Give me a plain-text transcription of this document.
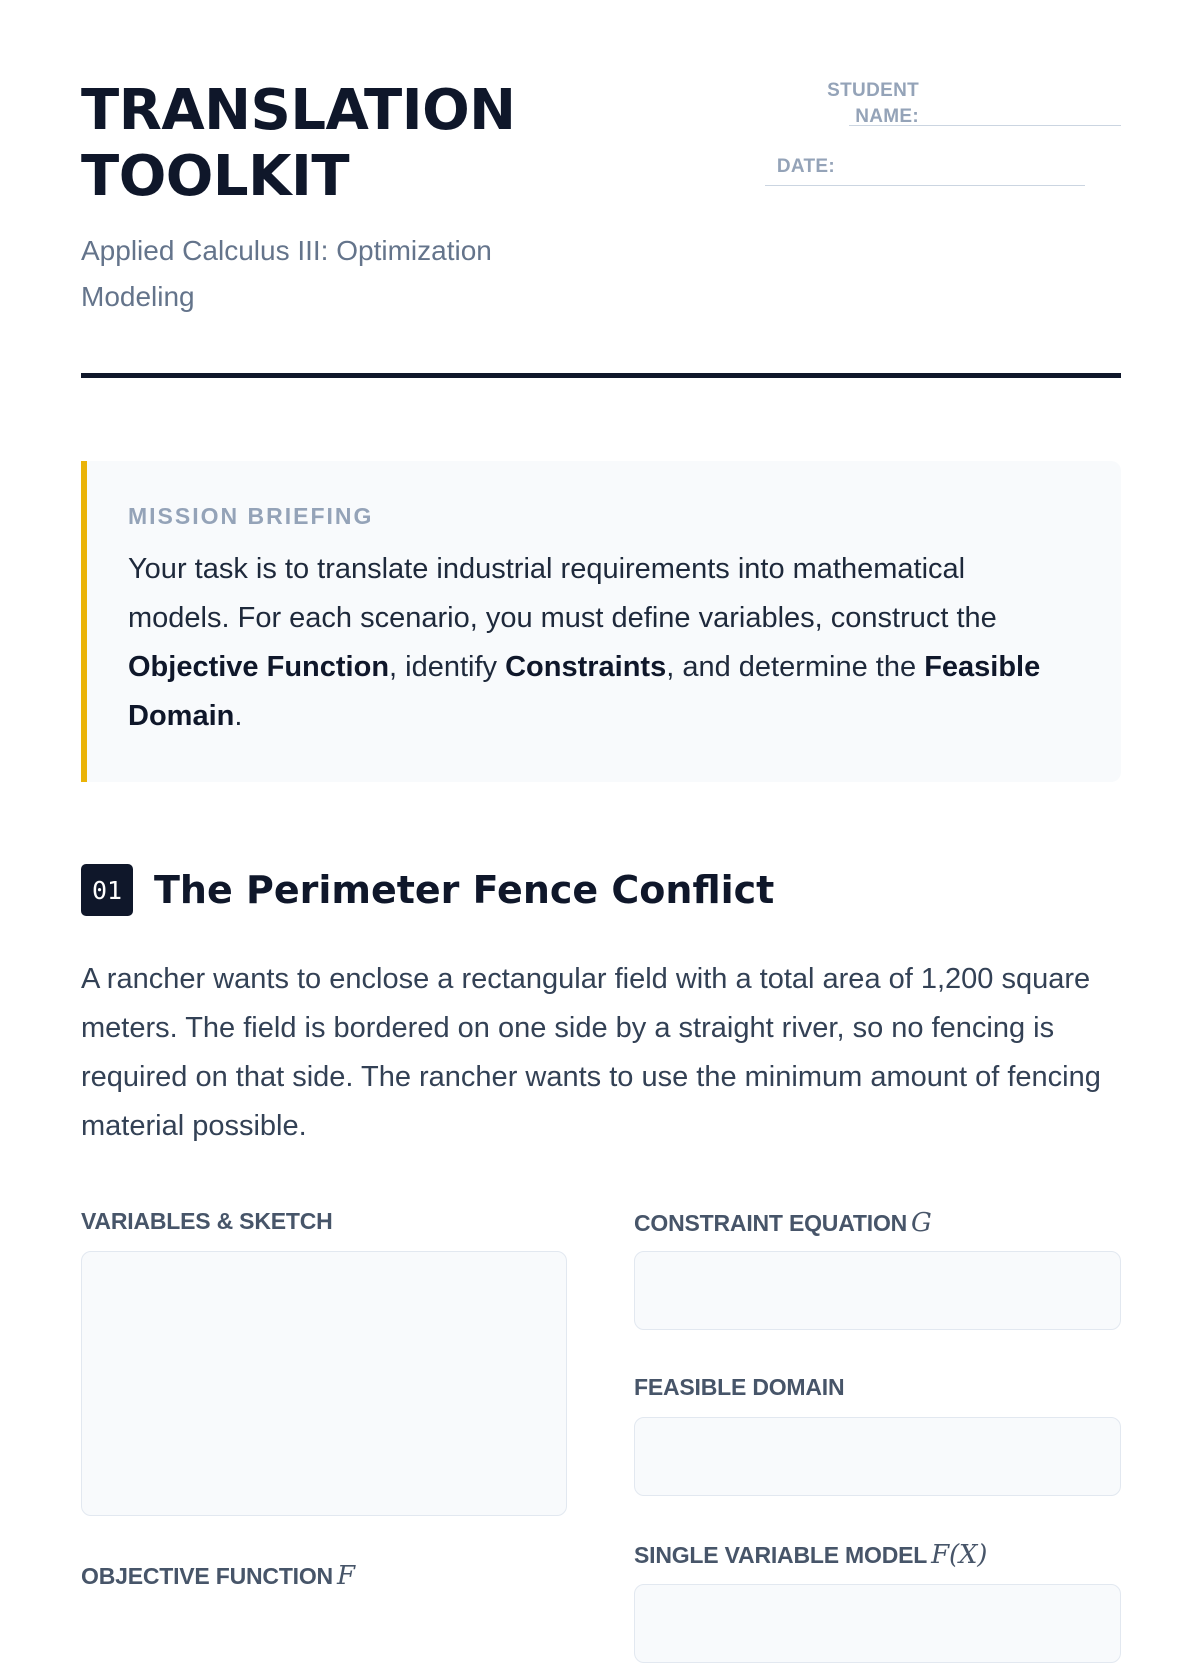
TRANSLATION
TOOLKIT
Applied Calculus III: Optimization Modeling
STUDENT
NAME:
DATE:
MISSION BRIEFING
Your task is to translate industrial requirements into mathematical models. For each scenario, you must define variables, construct the Objective Function, identify Constraints, and determine the Feasible Domain.
01 The Perimeter Fence Conflict
A rancher wants to enclose a rectangular field with a total area of 1,200 square meters. The field is bordered on one side by a straight river, so no fencing is required on that side. The rancher wants to use the minimum amount of fencing material possible.
VARIABLES & SKETCH
OBJECTIVE FUNCTION F
CONSTRAINT EQUATION G
FEASIBLE DOMAIN
SINGLE VARIABLE MODEL F(X)
